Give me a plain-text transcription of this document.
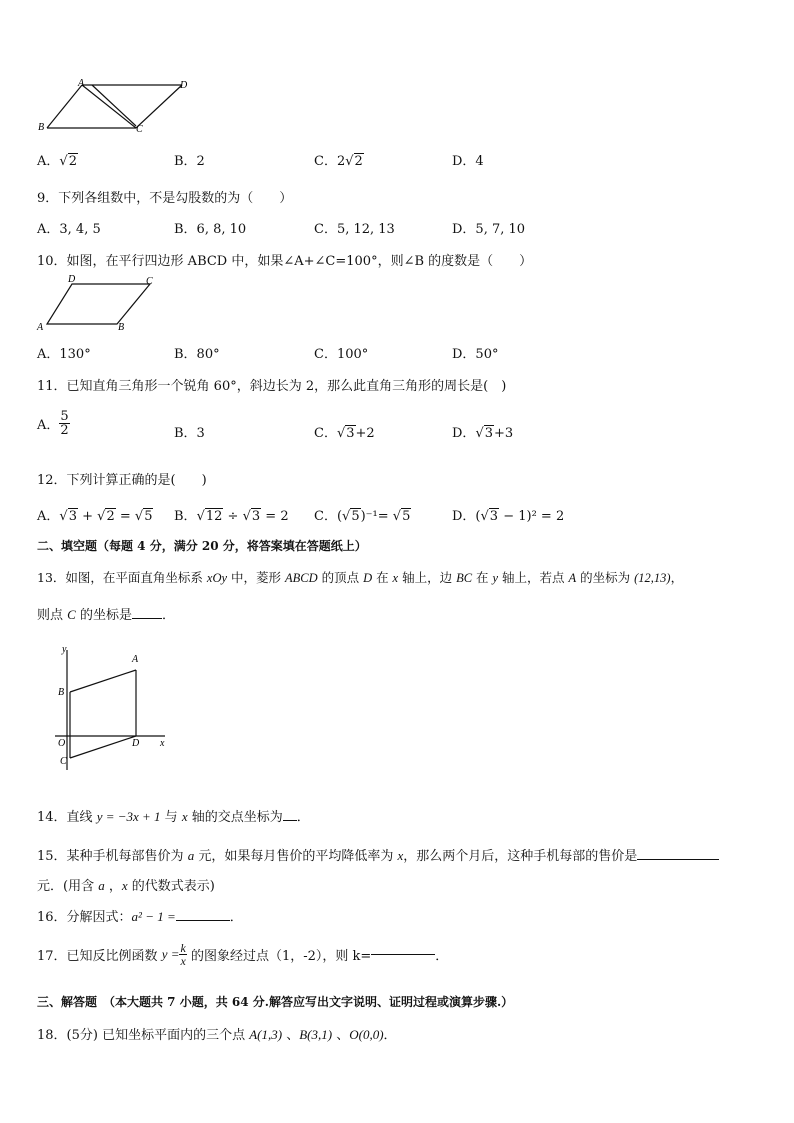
A	D
B	C
A．√2	B．2	C．2√2	D．4
9．下列各组数中，不是勾股数的为（　　）
A．3, 4, 5	B．6, 8, 10	C．5, 12, 13	D．5, 7, 10
10．如图，在平行四边形 ABCD 中，如果∠A+∠C=100°，则∠B 的度数是（　　）
D	C
A	B
A．130°	B．80°	C．100°	D．50°
11．已知直角三角形一个锐角 60°，斜边长为 2，那么此直角三角形的周长是(　)
A． $\frac{5}{2}$	B．3	C．√3+2	D．√3+3
12．下列计算正确的是(　　)
A．√3 + √2 = √5 B．√12 ÷ √3 = 2 C．(√5)⁻¹= √5	D．(√3 − 1)² = 2
二、填空题（每题 4 分，满分 20 分，将答案填在答题纸上）
13．如图，在平面直角坐标系 xOy 中，菱形 ABCD 的顶点 D 在 x 轴上，边 BC 在 y 轴上，若点 A 的坐标为 (12,13)，
则点 C 的坐标是 ．
y
A
B
O	D x
C
14．直线 y = −3x + 1 与 x 轴的交点坐标为 ．
15．某种手机每部售价为 a 元，如果每月售价的平均降低率为 x，那么两个月后，这种手机每部的售价是
元．(用含 a ，x 的代数式表示)
16．分解因式：a² − 1 =	．
17．已知反比例函数 $y = \frac{k}{x}$ 的图象经过点（1，-2），则 k=	．
三、解答题　（本大题共 7 小题，共 64 分.解答应写出文字说明、证明过程或演算步骤.）
18．(5分) 已知坐标平面内的三个点 A(1,3) 、B(3,1) 、O(0,0)．
